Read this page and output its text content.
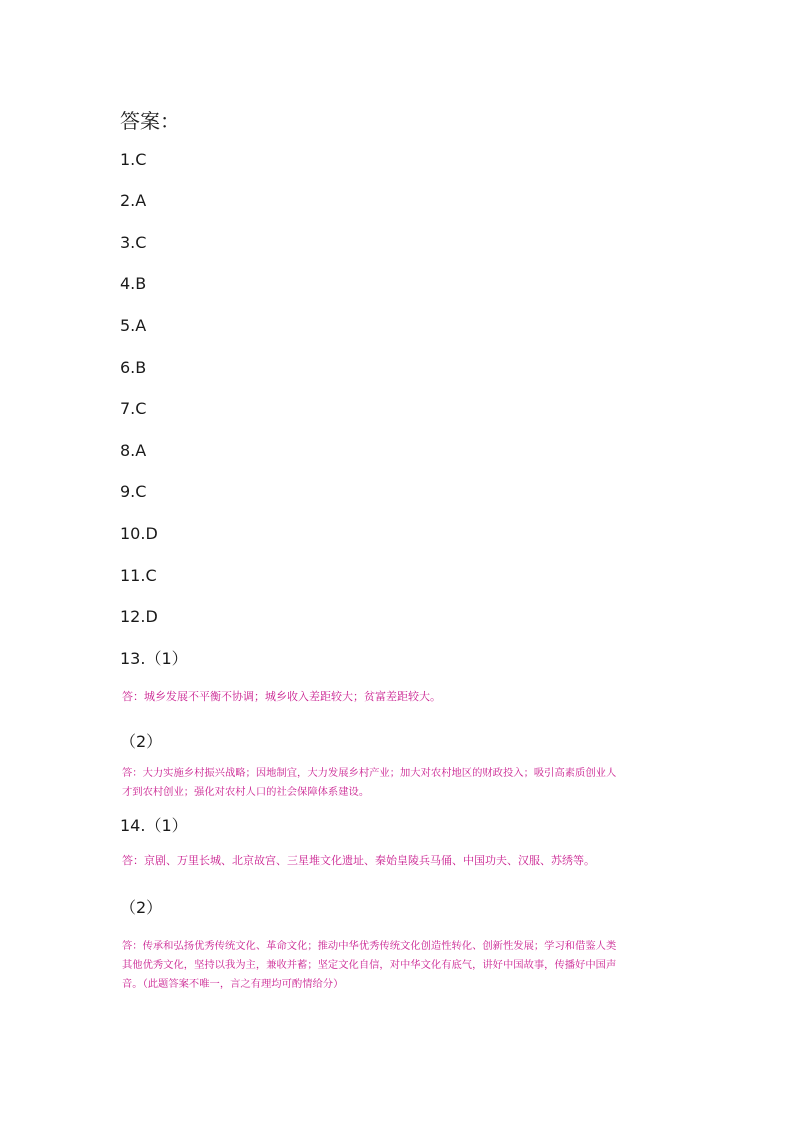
答案：
1.C
2.A
3.C
4.B
5.A
6.B
7.C
8.A
9.C
10.D
11.C
12.D
13.（1）
答：城乡发展不平衡不协调；城乡收入差距较大；贫富差距较大。
（2）
答：大力实施乡村振兴战略；因地制宜，大力发展乡村产业；加大对农村地区的财政投入；吸引高素质创业人
才到农村创业；强化对农村人口的社会保障体系建设。
14.（1）
答：京剧、万里长城、北京故宫、三星堆文化遗址、秦始皇陵兵马俑、中国功夫、汉服、苏绣等。
（2）
答：传承和弘扬优秀传统文化、革命文化；推动中华优秀传统文化创造性转化、创新性发展；学习和借鉴人类
其他优秀文化，坚持以我为主，兼收并蓄；坚定文化自信，对中华文化有底气，讲好中国故事，传播好中国声
音。（此题答案不唯一，言之有理均可酌情给分）
